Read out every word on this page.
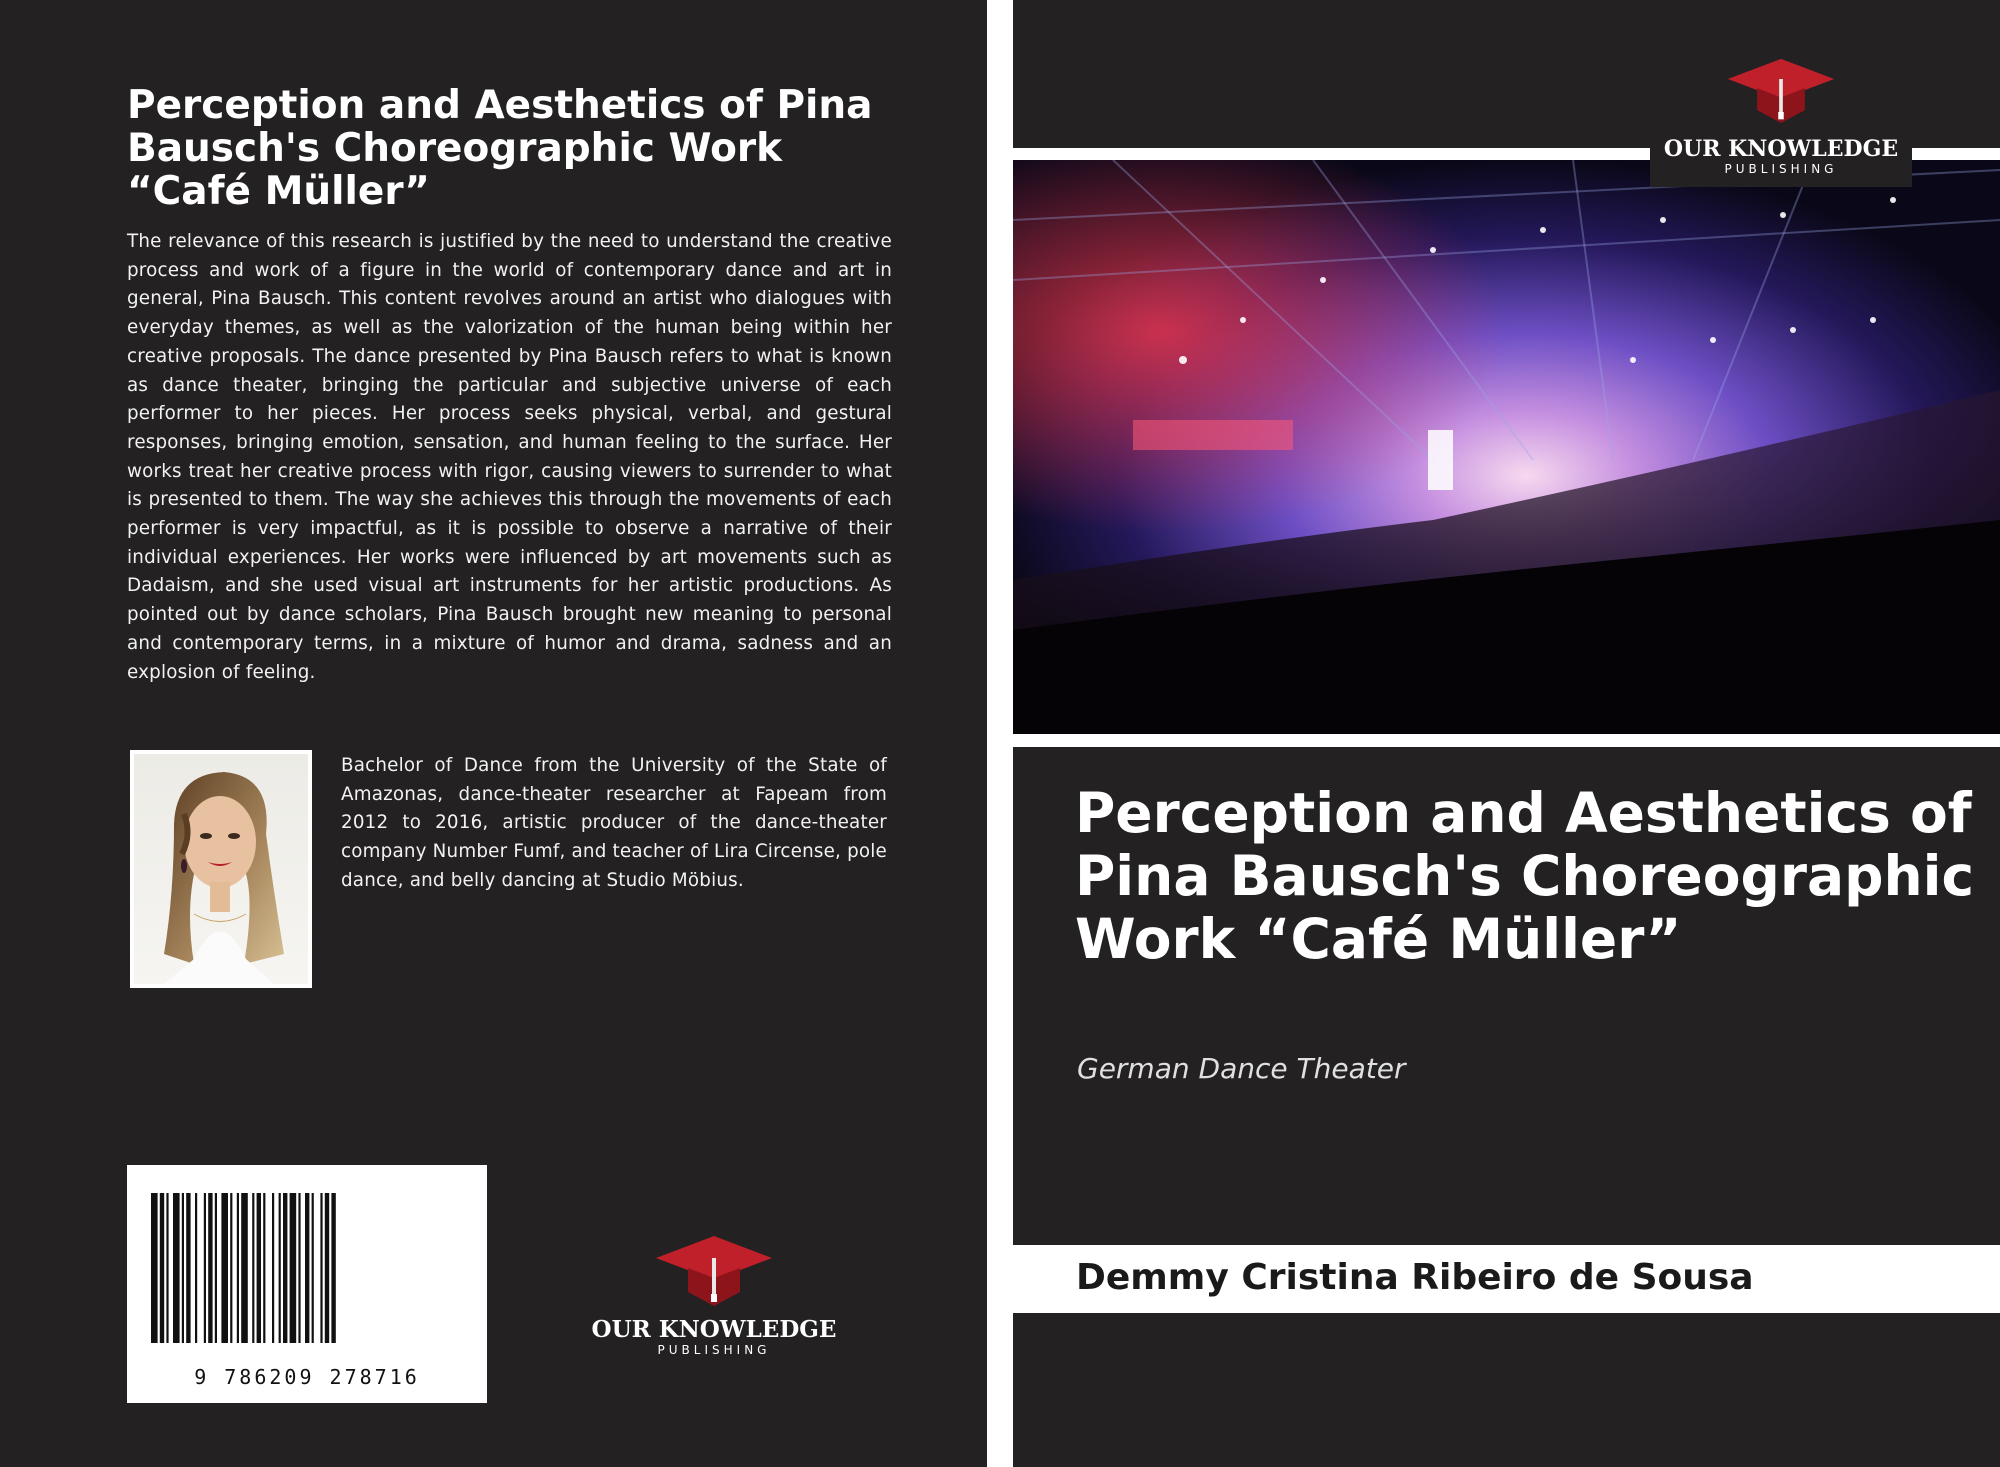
Perception and Aesthetics of Pina Bausch's Choreographic Work “Café Müller”

The relevance of this research is justified by the need to understand the creative process and work of a figure in the world of contemporary dance and art in general, Pina Bausch. This content revolves around an artist who dialogues with everyday themes, as well as the valorization of the human being within her creative proposals. The dance presented by Pina Bausch refers to what is known as dance theater, bringing the particular and subjective universe of each performer to her pieces. Her process seeks physical, verbal, and gestural responses, bringing emotion, sensation, and human feeling to the surface. Her works treat her creative process with rigor, causing viewers to surrender to what is presented to them. The way she achieves this through the movements of each performer is very impactful, as it is possible to observe a narrative of their individual experiences. Her works were influenced by art movements such as Dadaism, and she used visual art instruments for her artistic productions. As pointed out by dance scholars, Pina Bausch brought new meaning to personal and contemporary terms, in a mixture of humor and drama, sadness and an explosion of feeling.

Bachelor of Dance from the University of the State of Amazonas, dance-theater researcher at Fapeam from 2012 to 2016, artistic producer of the dance-theater company Number Fumf, and teacher of Lira Circense, pole dance, and belly dancing at Studio Möbius.

9 786209 278716
OUR KNOWLEDGE
PUBLISHING
Perception and Aesthetics of Pina Bausch's Choreographic Work “Café Müller”

German Dance Theater

Demmy Cristina Ribeiro de Sousa

OUR KNOWLEDGE
PUBLISHING
